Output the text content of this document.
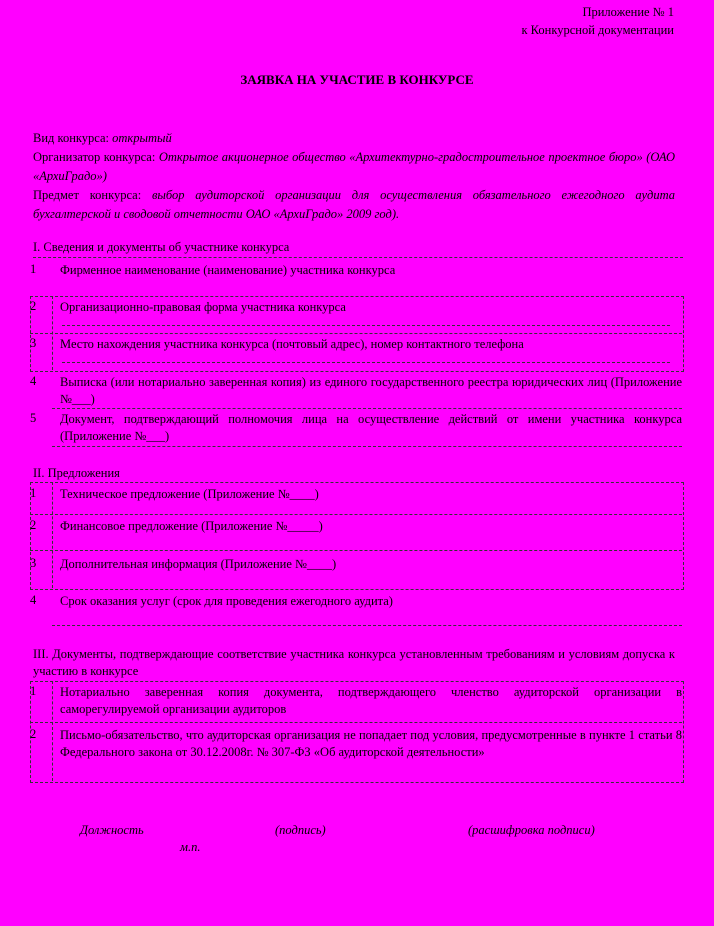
Приложение № 1
к Конкурсной документации
ЗАЯВКА НА УЧАСТИЕ В КОНКУРСЕ
Вид конкурса: открытый
Организатор конкурса: Открытое акционерное общество «Архитектурно-градостроительное проектное бюро» (ОАО «АрхиГрадо»)
Предмет конкурса: выбор аудиторской организации для осуществления обязательного ежегодного аудита бухгалтерской и сводовой отчетности ОАО «АрхиГрадо» 2009 год).
I. Сведения и документы об участнике конкурса
1	Фирменное наименование (наименование) участника конкурса
2	Организационно-правовая форма участника конкурса
3	Место нахождения участника конкурса (почтовый адрес), номер контактного телефона
4	Выписка (или нотариально заверенная копия) из единого государственного реестра юридических лиц (Приложение №___)
5	Документ, подтверждающий полномочия лица на осуществление действий от имени участника конкурса (Приложение №___)
II. Предложения
1	Техническое предложение (Приложение №____)
2	Финансовое предложение (Приложение №_____)
3	Дополнительная информация (Приложение №____)
4	Срок оказания услуг (срок для проведения ежегодного аудита)
III. Документы, подтверждающие соответствие участника конкурса установленным требованиям и условиям допуска к участию в конкурсе
1	Нотариально заверенная копия документа, подтверждающего членство аудиторской организации в саморегулируемой организации аудиторов
2	Письмо-обязательство, что аудиторская организация не попадает под условия, предусмотренные в пункте 1 статьи 8 Федерального закона от 30.12.2008г. № 307-ФЗ «Об аудиторской деятельности»
Должность	(подпись)	(расшифровка подписи)
м.п.
